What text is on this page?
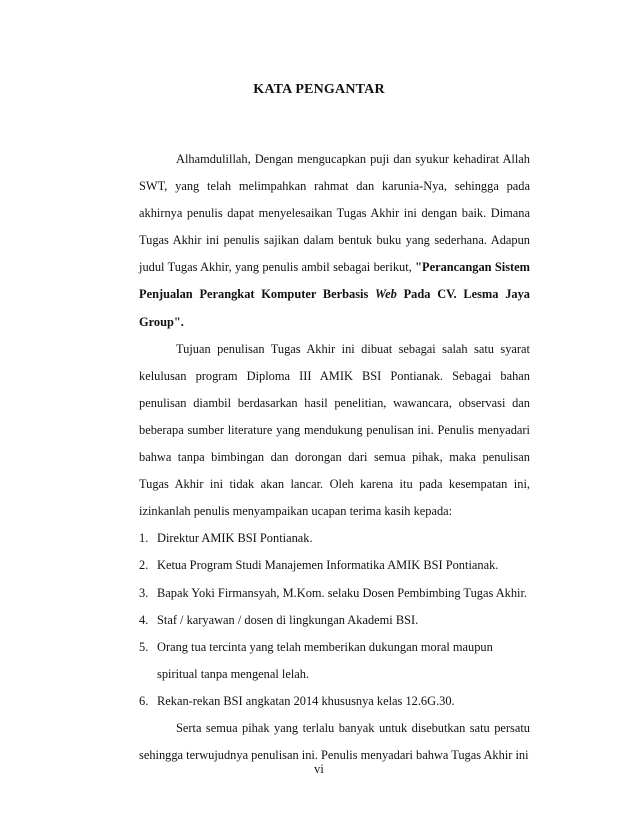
KATA PENGANTAR

Alhamdulillah, Dengan mengucapkan puji dan syukur kehadirat Allah SWT, yang telah melimpahkan rahmat dan karunia-Nya, sehingga pada akhirnya penulis dapat menyelesaikan Tugas Akhir ini dengan baik. Dimana Tugas Akhir ini penulis sajikan dalam bentuk buku yang sederhana. Adapun judul Tugas Akhir, yang penulis ambil sebagai berikut, "Perancangan Sistem Penjualan Perangkat Komputer Berbasis Web Pada CV. Lesma Jaya Group".

Tujuan penulisan Tugas Akhir ini dibuat sebagai salah satu syarat kelulusan program Diploma III AMIK BSI Pontianak. Sebagai bahan penulisan diambil berdasarkan hasil penelitian, wawancara, observasi dan beberapa sumber literature yang mendukung penulisan ini. Penulis menyadari bahwa tanpa bimbingan dan dorongan dari semua pihak, maka penulisan Tugas Akhir ini tidak akan lancar. Oleh karena itu pada kesempatan ini, izinkanlah penulis menyampaikan ucapan terima kasih kepada:

1. Direktur AMIK BSI Pontianak.
2. Ketua Program Studi Manajemen Informatika AMIK BSI Pontianak.
3. Bapak Yoki Firmansyah, M.Kom. selaku Dosen Pembimbing Tugas Akhir.
4. Staf / karyawan / dosen di lingkungan Akademi BSI.
5. Orang tua tercinta yang telah memberikan dukungan moral maupun spiritual tanpa mengenal lelah.
6. Rekan-rekan BSI angkatan 2014 khususnya kelas 12.6G.30.

Serta semua pihak yang terlalu banyak untuk disebutkan satu persatu sehingga terwujudnya penulisan ini. Penulis menyadari bahwa Tugas Akhir ini

vi
